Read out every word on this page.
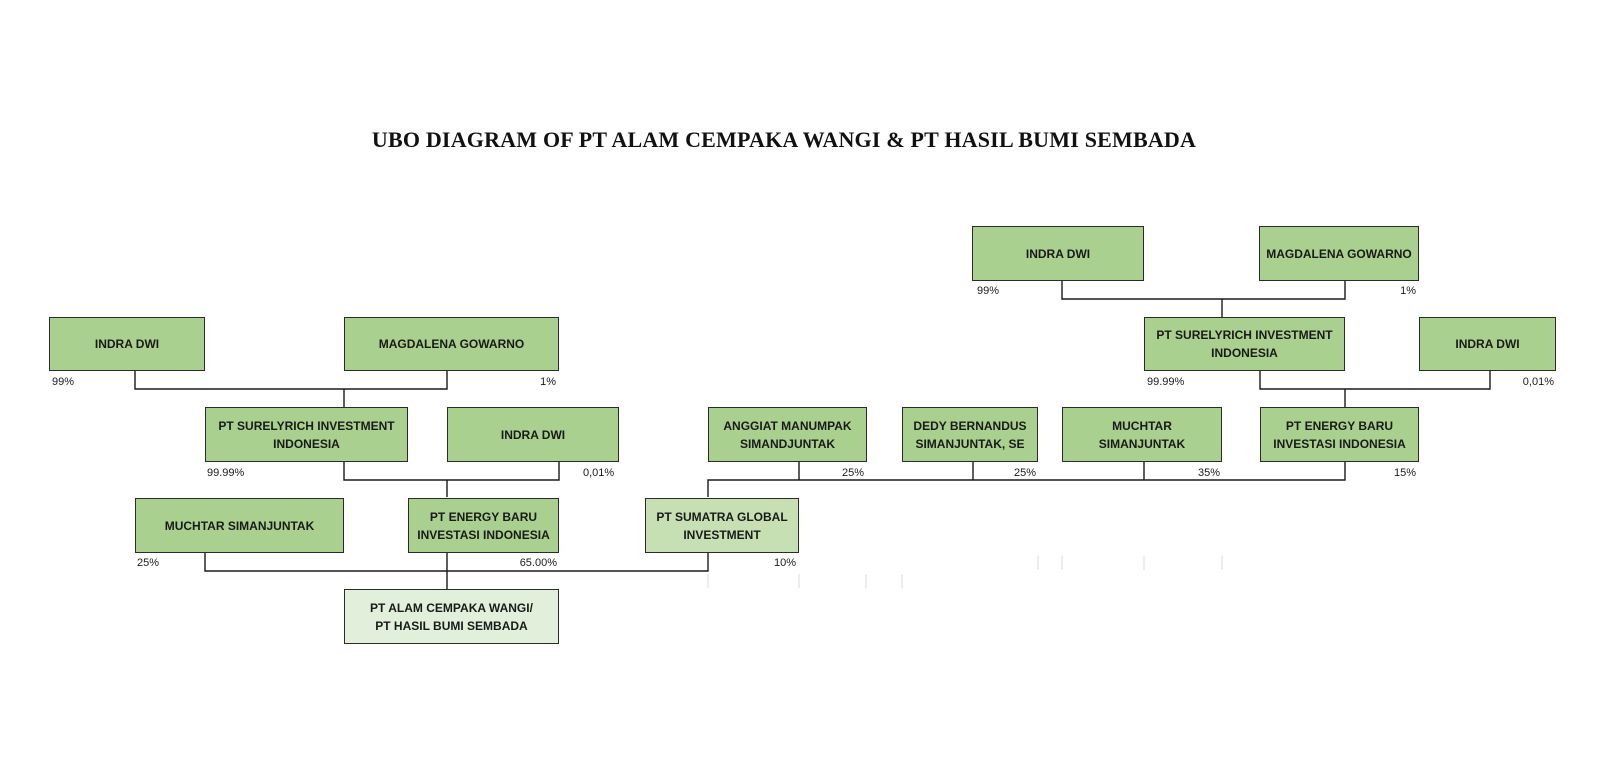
UBO DIAGRAM OF PT ALAM CEMPAKA WANGI & PT HASIL BUMI SEMBADA
INDRA DWI	MAGDALENA GOWARNO
99%	1%
INDRA DWI	MAGDALENA GOWARNO
PT SURELYRICH INVESTMENT INDONESIA
INDRA DWI
99%	1%	99.99%	0,01%
PT SURELYRICH INVESTMENT INDONESIA
INDRA DWI
ANGGIAT MANUMPAK SIMANDJUNTAK
DEDY BERNANDUS SIMANJUNTAK, SE
MUCHTAR SIMANJUNTAK
PT ENERGY BARU INVESTASI INDONESIA
99.99%	0,01%	25%	25%	35%	15%
MUCHTAR SIMANJUNTAK
PT ENERGY BARU INVESTASI INDONESIA
PT SUMATRA GLOBAL INVESTMENT
25%	65.00%	10%
PT ALAM CEMPAKA WANGI/ PT HASIL BUMI SEMBADA
